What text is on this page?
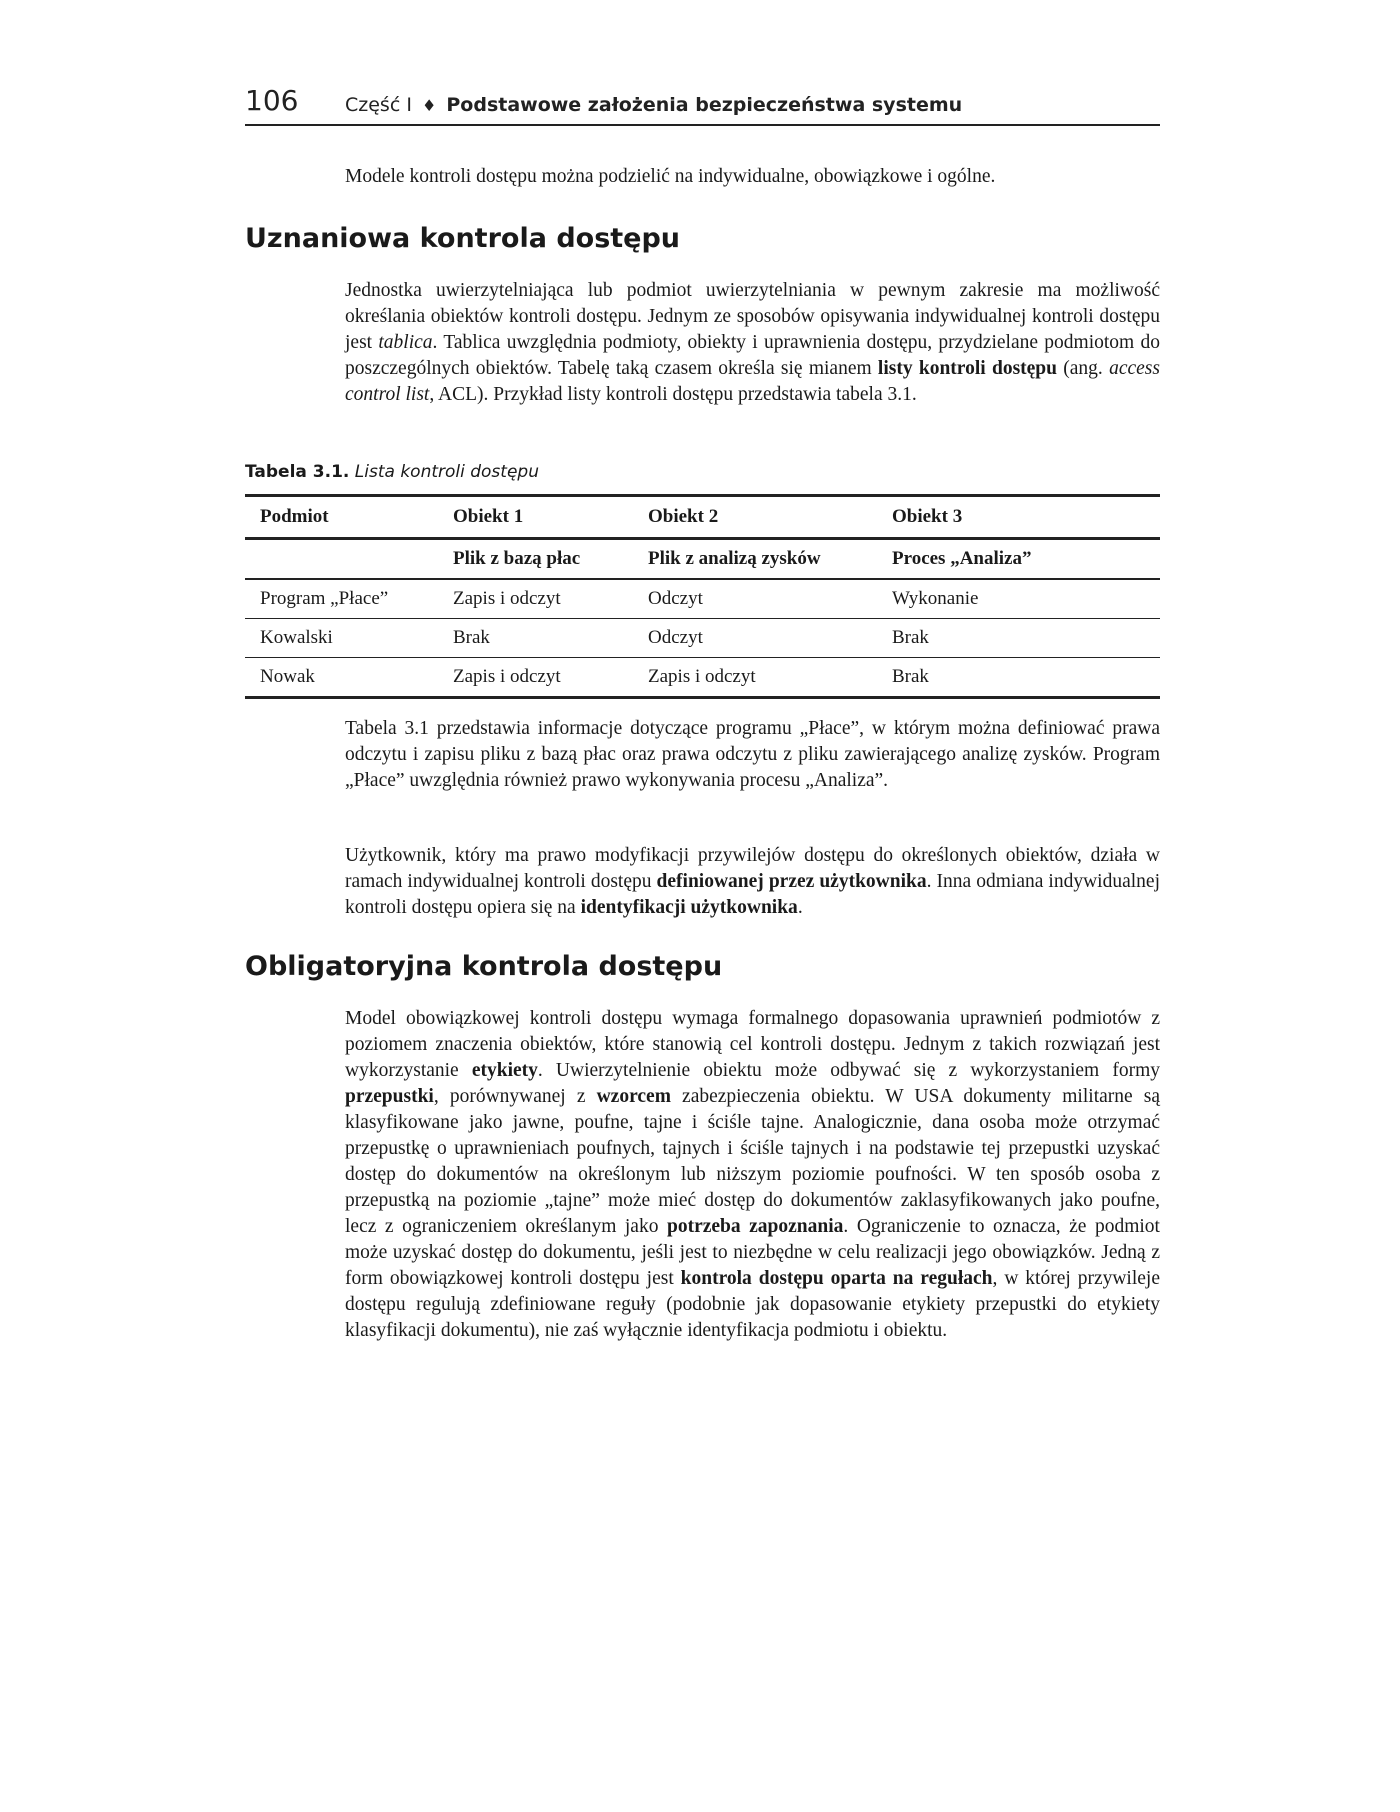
106 Część I ♦ Podstawowe założenia bezpieczeństwa systemu

Modele kontroli dostępu można podzielić na indywidualne, obowiązkowe i ogólne.

Uznaniowa kontrola dostępu

Jednostka uwierzytelniająca lub podmiot uwierzytelniania w pewnym zakresie ma możliwość określania obiektów kontroli dostępu. Jednym ze sposobów opisywania indywidualnej kontroli dostępu jest tablica. Tablica uwzględnia podmioty, obiekty i uprawnienia dostępu, przydzielane podmiotom do poszczególnych obiektów. Tabelę taką czasem określa się mianem listy kontroli dostępu (ang. access control list, ACL). Przykład listy kontroli dostępu przedstawia tabela 3.1.

Tabela 3.1. Lista kontroli dostępu
Podmiot	Obiekt 1	Obiekt 2	Obiekt 3
	Plik z bazą płac	Plik z analizą zysków	Proces „Analiza”
Program „Płace”	Zapis i odczyt	Odczyt	Wykonanie
Kowalski	Brak	Odczyt	Brak
Nowak	Zapis i odczyt	Zapis i odczyt	Brak

Tabela 3.1 przedstawia informacje dotyczące programu „Płace”, w którym można definiować prawa odczytu i zapisu pliku z bazą płac oraz prawa odczytu z pliku zawierającego analizę zysków. Program „Płace” uwzględnia również prawo wykonywania procesu „Analiza”.

Użytkownik, który ma prawo modyfikacji przywilejów dostępu do określonych obiektów, działa w ramach indywidualnej kontroli dostępu definiowanej przez użytkownika. Inna odmiana indywidualnej kontroli dostępu opiera się na identyfikacji użytkownika.

Obligatoryjna kontrola dostępu

Model obowiązkowej kontroli dostępu wymaga formalnego dopasowania uprawnień podmiotów z poziomem znaczenia obiektów, które stanowią cel kontroli dostępu. Jednym z takich rozwiązań jest wykorzystanie etykiety. Uwierzytelnienie obiektu może odbywać się z wykorzystaniem formy przepustki, porównywanej z wzorcem zabezpieczenia obiektu. W USA dokumenty militarne są klasyfikowane jako jawne, poufne, tajne i ściśle tajne. Analogicznie, dana osoba może otrzymać przepustkę o uprawnieniach poufnych, tajnych i ściśle tajnych i na podstawie tej przepustki uzyskać dostęp do dokumentów na określonym lub niższym poziomie poufności. W ten sposób osoba z przepustką na poziomie „tajne” może mieć dostęp do dokumentów zaklasyfikowanych jako poufne, lecz z ograniczeniem określanym jako potrzeba zapoznania. Ograniczenie to oznacza, że podmiot może uzyskać dostęp do dokumentu, jeśli jest to niezbędne w celu realizacji jego obowiązków. Jedną z form obowiązkowej kontroli dostępu jest kontrola dostępu oparta na regułach, w której przywileje dostępu regulują zdefiniowane reguły (podobnie jak dopasowanie etykiety przepustki do etykiety klasyfikacji dokumentu), nie zaś wyłącznie identyfikacja podmiotu i obiektu.
